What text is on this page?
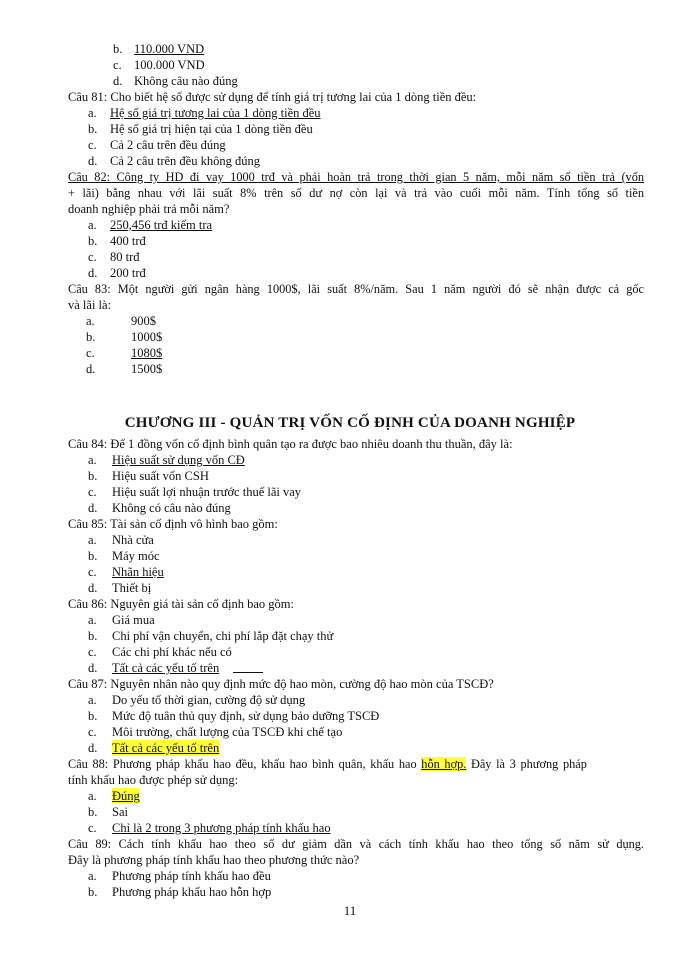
b. 110.000 VND
c. 100.000 VND
d. Không câu nào đúng
Câu 81: Cho biết hệ số được sử dụng để tính giá trị tương lai của 1 dòng tiền đều:
a. Hệ số giá trị tương lai của 1 dòng tiền đều
b. Hệ số giá trị hiện tại của 1 dòng tiền đều
c. Cả 2 câu trên đều đúng
d. Cả 2 câu trên đều không đúng
Câu 82: Công ty HD đi vay 1000 trđ và phải hoàn trả trong thời gian 5 năm, mỗi năm số tiền trả (vốn
+ lãi) bằng nhau với lãi suất 8% trên số dư nợ còn lại và trả vào cuối mỗi năm. Tính tổng số tiền
doanh nghiệp phải trả mỗi năm?
a. 250,456 trđ kiểm tra
b. 400 trđ
c. 80 trđ
d. 200 trđ
Câu 83: Một người gửi ngân hàng 1000$, lãi suất 8%/năm. Sau 1 năm người đó sẽ nhận được cả gốc
và lãi là:
a.	900$
b.	1000$
c.	1080$
d.	1500$
CHƯƠNG III - QUẢN TRỊ VỐN CỐ ĐỊNH CỦA DOANH NGHIỆP
Câu 84: Để 1 đồng vốn cố định bình quân tạo ra được bao nhiêu doanh thu thuần, đây là:
a. Hiệu suất sử dụng vốn CĐ
b. Hiệu suất vốn CSH
c. Hiệu suất lợi nhuận trước thuế lãi vay
d. Không có câu nào đúng
Câu 85: Tài sản cố định vô hình bao gồm:
a. Nhà cửa
b. Máy móc
c. Nhãn hiệu
d. Thiết bị
Câu 86: Nguyên giá tài sản cố định bao gồm:
a. Giá mua
b. Chi phí vận chuyển, chi phí lắp đặt chạy thử
c. Các chi phí khác nếu có
d. Tất cả các yếu tố trên
Câu 87: Nguyên nhân nào quy định mức độ hao mòn, cường độ hao mòn của TSCĐ?
a. Do yếu tố thời gian, cường độ sử dụng
b. Mức độ tuân thủ quy định, sử dụng bảo dưỡng TSCĐ
c. Môi trường, chất lượng của TSCĐ khi chế tạo
d. Tất cả các yếu tố trên
Câu 88: Phương pháp khấu hao đều, khấu hao bình quân, khấu hao hỗn hợp. Đây là 3 phương pháp
tính khấu hao được phép sử dụng:
a. Đúng
b. Sai
c. Chỉ là 2 trong 3 phương pháp tính khấu hao
Câu 89: Cách tính khấu hao theo số dư giảm dần và cách tính khấu hao theo tổng số năm sử dụng.
Đây là phương pháp tính khấu hao theo phương thức nào?
a. Phương pháp tính khấu hao đều
b. Phương pháp khấu hao hỗn hợp
11
